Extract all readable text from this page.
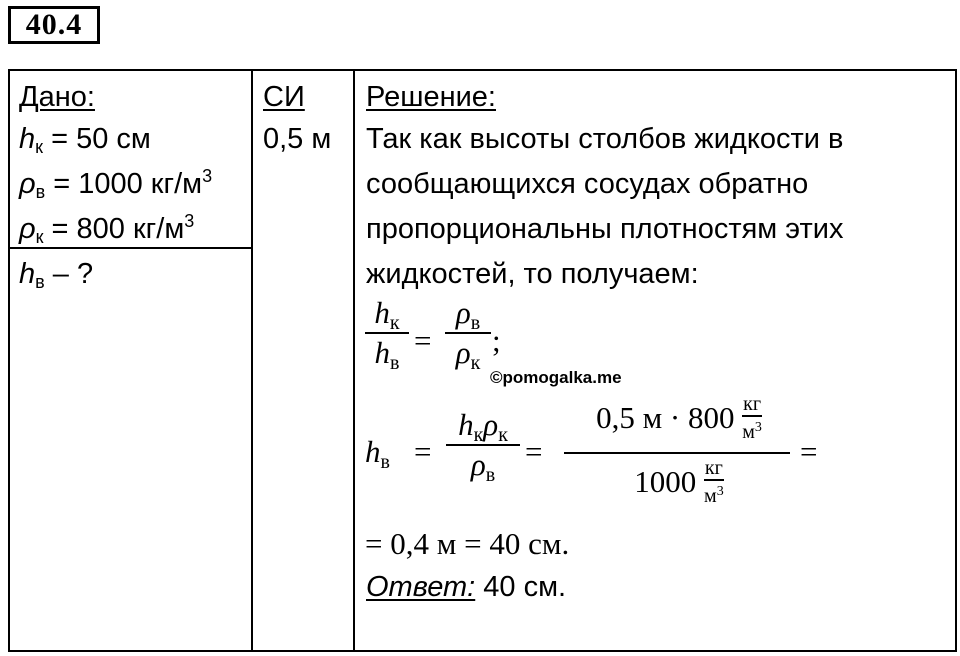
40.4
Дано:
$h_к = 50$ см
$\rho_в = 1000$ $кг/м^3$
$\rho_к = 800$ $кг/м^3$
$h_в$ – ?
СИ
0,5 м
Решение:
Так как высоты столбов жидкости в
сообщающихся сосудах обратно
пропорциональны плотностям этих
жидкостей, то получаем:
hк
hв
=
ρв
ρк
;
hв =
hкρк
ρв
=
0,5 м · 800 кг
$м^3$
1000 кг
$м^3$
=
= 0,4 м = 40 см.
Ответ: 40 см.
©pomogalka.me
